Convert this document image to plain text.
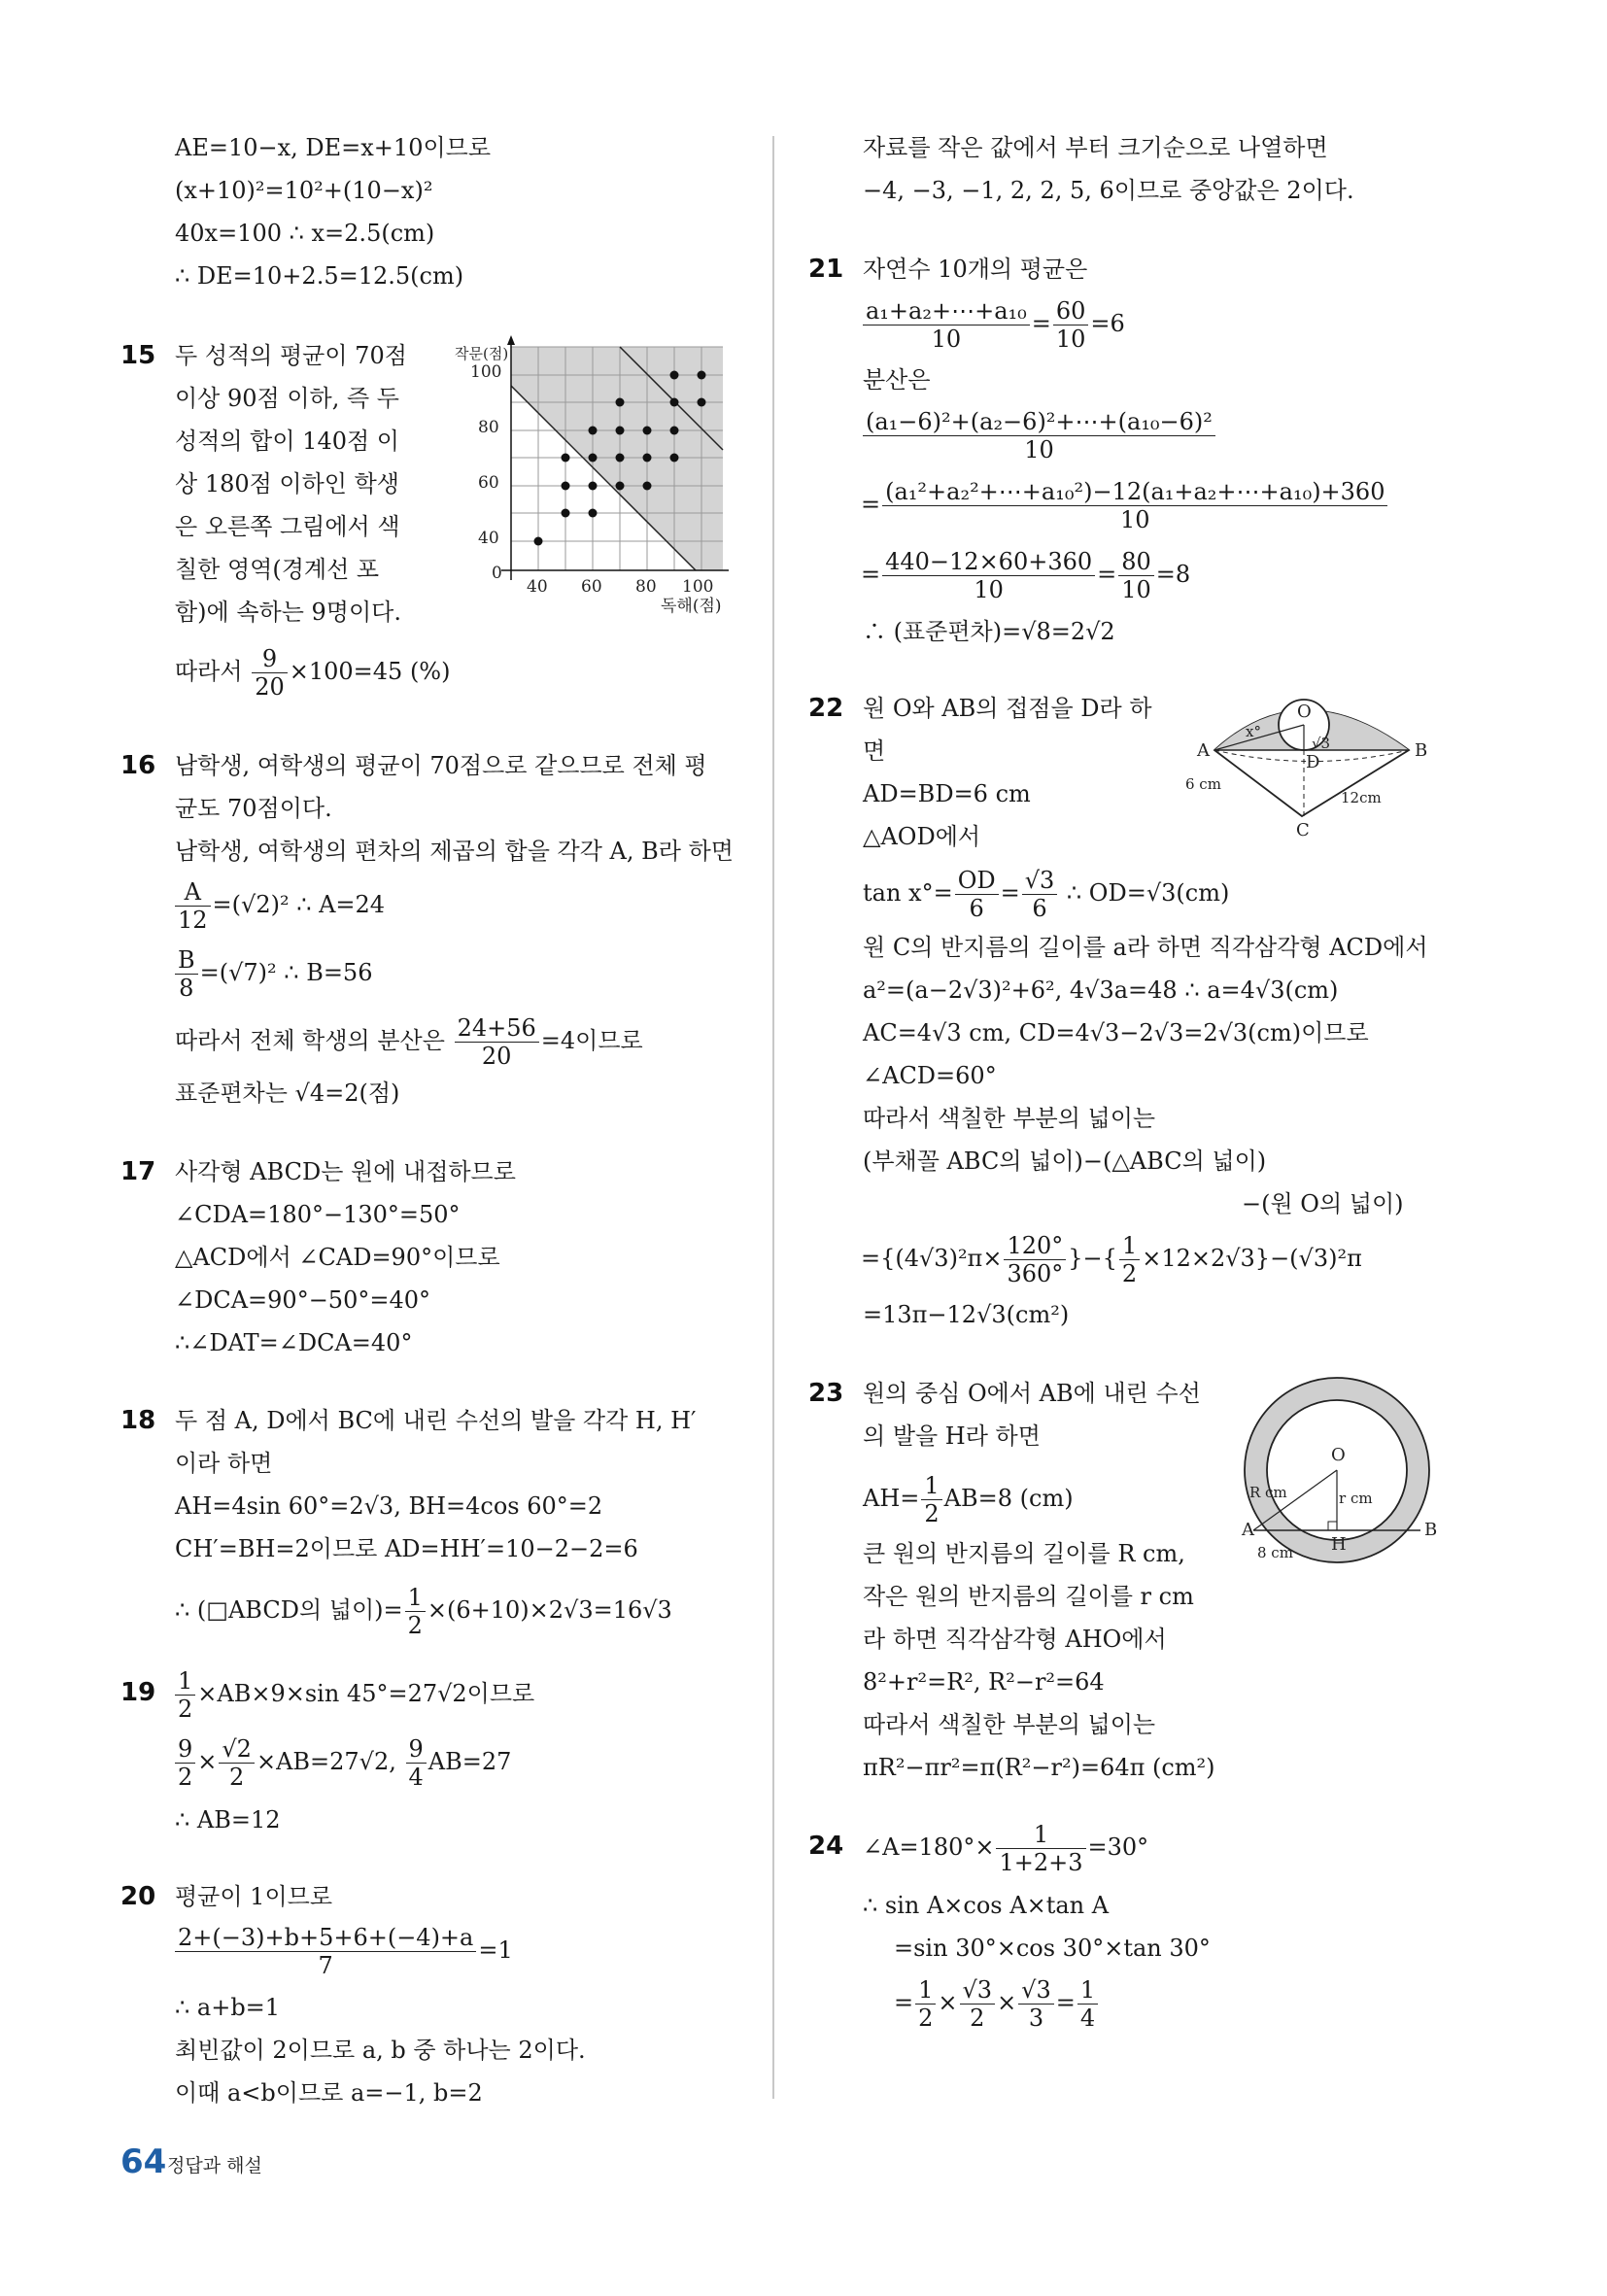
AE=10−x, DE=x+10이므로
(x+10)²=10²+(10−x)²
40x=100 ∴ x=2.5(cm)
∴ DE=10+2.5=12.5(cm)
15 두 성적의 평균이 70점
이상 90점 이하, 즉 두
성적의 합이 140점 이
상 180점 이하인 학생
은 오른쪽 그림에서 색
칠한 영역(경계선 포
함)에 속하는 9명이다.
따라서 $\frac{9}{20} \times 100=45$ (%)
작문(점)
100
80
60
40
0
40 60 80 100
독해(점)
16 남학생, 여학생의 평균이 70점으로 같으므로 전체 평
균도 70점이다.
남학생, 여학생의 편차의 제곱의 합을 각각 A, B라 하면
$\frac{A}{12} =(√2)^2$ ∴ A=24
$\frac{B}{8} =(√7)^2$ ∴ B=56
따라서 전체 학생의 분산은 $\frac{24+56}{20} =4$이므로
표준편차는 √4=2(점)
17 사각형 ABCD는 원에 내접하므로
∠CDA=180°−130°=50°
△ACD에서 ∠CAD=90°이므로
∠DCA=90°−50°=40°
∴∠DAT=∠DCA=40°
18 두 점 A, D에서 BC에 내린 수선의 발을 각각 H, H′
이라 하면
AH=4sin 60°=2√3, BH=4cos 60°=2
CH′=BH=2이므로 AD=HH′=10−2−2=6
∴ (□ABCD의 넓이)= $\frac{1}{2} \times(6+10)\times 2√3=16√3$
$19 \frac{1}{2} \times AB\times 9\times\sin$ 45°=27√2이므로
$\frac{9}{2} \times \frac{√2}{2} \times AB=27√2$, $\frac{9}{4} AB=27$
∴ AB=12
20 평균이 1이므로
$\frac{2+(-3)+b+5+6+(-4)+a}{7} =1$
∴ a+b=1
최빈값이 2이므로 a, b 중 하나는 2이다.
이때 a<b이므로 a=−1, b=2
자료를 작은 값에서 부터 크기순으로 나열하면
−4, −3, −1, 2, 2, 5, 6이므로 중앙값은 2이다.
21 자연수 10개의 평균은
$\frac{\text{a₁+a₂+⋯+a₁₀}}{10} = \frac{60}{10} =6$
분산은
$\frac{\text{(a₁−6)²+(a₂−6)²+⋯+(a₁₀−6)²}}{10}$
= $\frac{\text{(a₁²+a₂²+⋯+a₁₀²)−12(a₁+a₂+⋯+a₁₀)+360}}{10}$
= $\frac{440-12\times 60+360}{10} = \frac{80}{10} =8$
∴ (표준편차)=√8=2√2
22 원 O와 AB의 접점을 D라 하
면
AD=BD=6 cm
△AOD에서
$\tan x^\circ= \frac{OD}{6} = \frac{√3}{6}$ ∴ OD=√3(cm)
원 C의 반지름의 길이를 a라 하면 직각삼각형 ACD에서
a²=(a−2√3)²+6², 4√3a=48 ∴ a=4√3(cm)
AC=4√3 cm, CD=4√3−2√3=2√3(cm)이므로
∠ACD=60°
따라서 색칠한 부분의 넓이는
(부채꼴 ABC의 넓이)−(△ABC의 넓이)
−(원 O의 넓이)
$=\{(4√3)^2\pi\times \frac{120^\circ}{360^\circ}$ }−{ $\frac{1}{2} \times 12\times 2√3\}-(√3)^2\pi$
=13π−12√3(cm²)
A	B
C
D
O
x°
√3
6 cm
12cm
23 원의 중심 O에서 AB에 내린 수선
의 발을 H라 하면
$AH= \frac{1}{2} AB=8$ (cm)
큰 원의 반지름의 길이를 R cm,
작은 원의 반지름의 길이를 r cm
라 하면 직각삼각형 AHO에서
8²+r²=R², R²−r²=64
따라서 색칠한 부분의 넓이는
πR²−πr²=π(R²−r²)=64π (cm²)
O
A	B
H
R cm	r cm
8 cm
24 ∠A=180°× $\frac{1}{1+2+3} =30^\circ$
∴ sin A×cos A×tan A
=sin 30°×cos 30°×tan 30°
= $\frac{1}{2} \times \frac{√3}{2} \times \frac{√3}{3} = \frac{1}{4}$
64 정답과 해설
